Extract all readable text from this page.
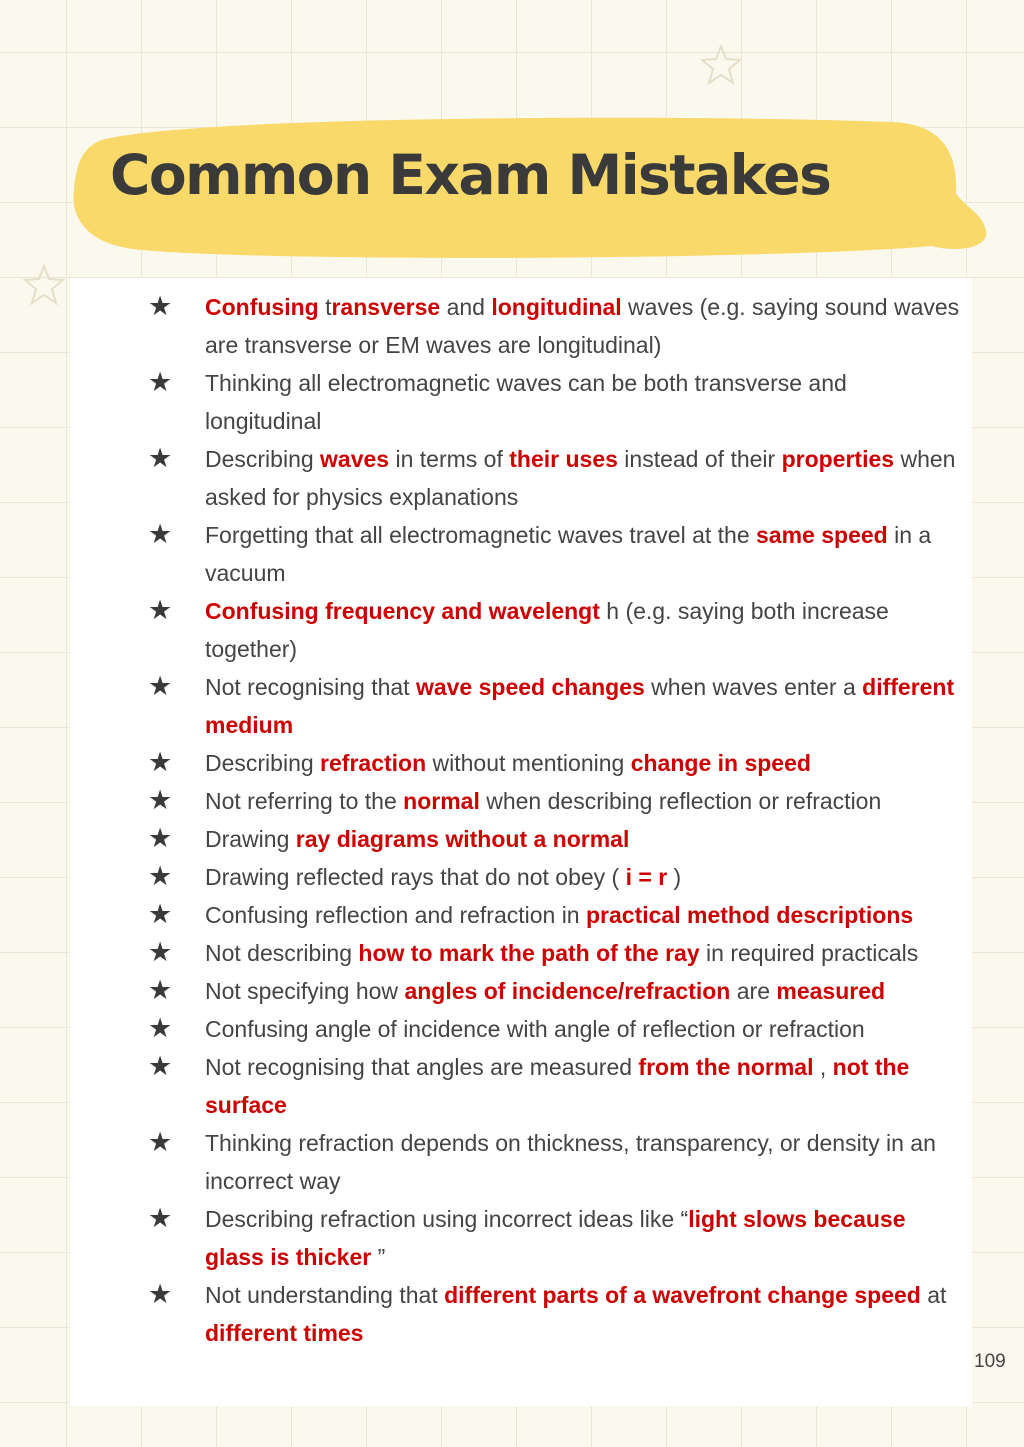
Common Exam Mistakes
★ Confusing transverse and longitudinal waves (e.g. saying sound waves are transverse or EM waves are longitudinal)
★ Thinking all electromagnetic waves can be both transverse and longitudinal
★ Describing waves in terms of their uses instead of their properties when asked for physics explanations
★ Forgetting that all electromagnetic waves travel at the same speed in a vacuum
★ Confusing frequency and wavelengt h (e.g. saying both increase together)
★ Not recognising that wave speed changes when waves enter a different medium
★ Describing refraction without mentioning change in speed
★ Not referring to the normal when describing reflection or refraction
★ Drawing ray diagrams without a normal
★ Drawing reflected rays that do not obey ( i = r )
★ Confusing reflection and refraction in practical method descriptions
★ Not describing how to mark the path of the ray in required practicals
★ Not specifying how angles of incidence/refraction are measured
★ Confusing angle of incidence with angle of reflection or refraction
★ Not recognising that angles are measured from the normal , not the surface
★ Thinking refraction depends on thickness, transparency, or density in an incorrect way
★ Describing refraction using incorrect ideas like “light slows because glass is thicker ”
★ Not understanding that different parts of a wavefront change speed at different times
109
